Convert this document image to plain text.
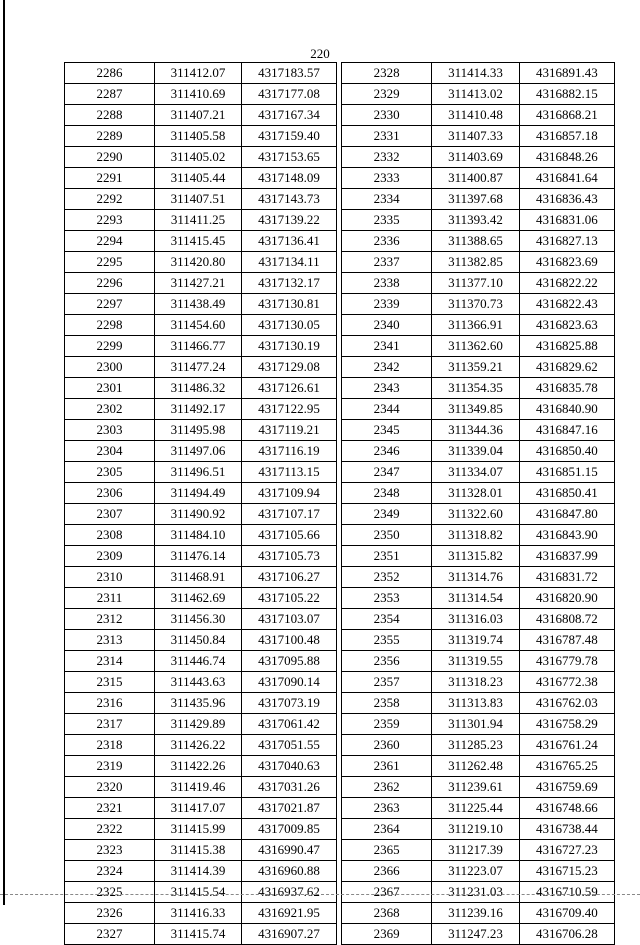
220
2286	311412.07	4317183.57
2287	311410.69	4317177.08
2288	311407.21	4317167.34
2289	311405.58	4317159.40
2290	311405.02	4317153.65
2291	311405.44	4317148.09
2292	311407.51	4317143.73
2293	311411.25	4317139.22
2294	311415.45	4317136.41
2295	311420.80	4317134.11
2296	311427.21	4317132.17
2297	311438.49	4317130.81
2298	311454.60	4317130.05
2299	311466.77	4317130.19
2300	311477.24	4317129.08
2301	311486.32	4317126.61
2302	311492.17	4317122.95
2303	311495.98	4317119.21
2304	311497.06	4317116.19
2305	311496.51	4317113.15
2306	311494.49	4317109.94
2307	311490.92	4317107.17
2308	311484.10	4317105.66
2309	311476.14	4317105.73
2310	311468.91	4317106.27
2311	311462.69	4317105.22
2312	311456.30	4317103.07
2313	311450.84	4317100.48
2314	311446.74	4317095.88
2315	311443.63	4317090.14
2316	311435.96	4317073.19
2317	311429.89	4317061.42
2318	311426.22	4317051.55
2319	311422.26	4317040.63
2320	311419.46	4317031.26
2321	311417.07	4317021.87
2322	311415.99	4317009.85
2323	311415.38	4316990.47
2324	311414.39	4316960.88
2325	311415.54	4316937.62
2326	311416.33	4316921.95
2327	311415.74	4316907.27
2328	311414.33	4316891.43
2329	311413.02	4316882.15
2330	311410.48	4316868.21
2331	311407.33	4316857.18
2332	311403.69	4316848.26
2333	311400.87	4316841.64
2334	311397.68	4316836.43
2335	311393.42	4316831.06
2336	311388.65	4316827.13
2337	311382.85	4316823.69
2338	311377.10	4316822.22
2339	311370.73	4316822.43
2340	311366.91	4316823.63
2341	311362.60	4316825.88
2342	311359.21	4316829.62
2343	311354.35	4316835.78
2344	311349.85	4316840.90
2345	311344.36	4316847.16
2346	311339.04	4316850.40
2347	311334.07	4316851.15
2348	311328.01	4316850.41
2349	311322.60	4316847.80
2350	311318.82	4316843.90
2351	311315.82	4316837.99
2352	311314.76	4316831.72
2353	311314.54	4316820.90
2354	311316.03	4316808.72
2355	311319.74	4316787.48
2356	311319.55	4316779.78
2357	311318.23	4316772.38
2358	311313.83	4316762.03
2359	311301.94	4316758.29
2360	311285.23	4316761.24
2361	311262.48	4316765.25
2362	311239.61	4316759.69
2363	311225.44	4316748.66
2364	311219.10	4316738.44
2365	311217.39	4316727.23
2366	311223.07	4316715.23
2367	311231.03	4316710.59
2368	311239.16	4316709.40
2369	311247.23	4316706.28
